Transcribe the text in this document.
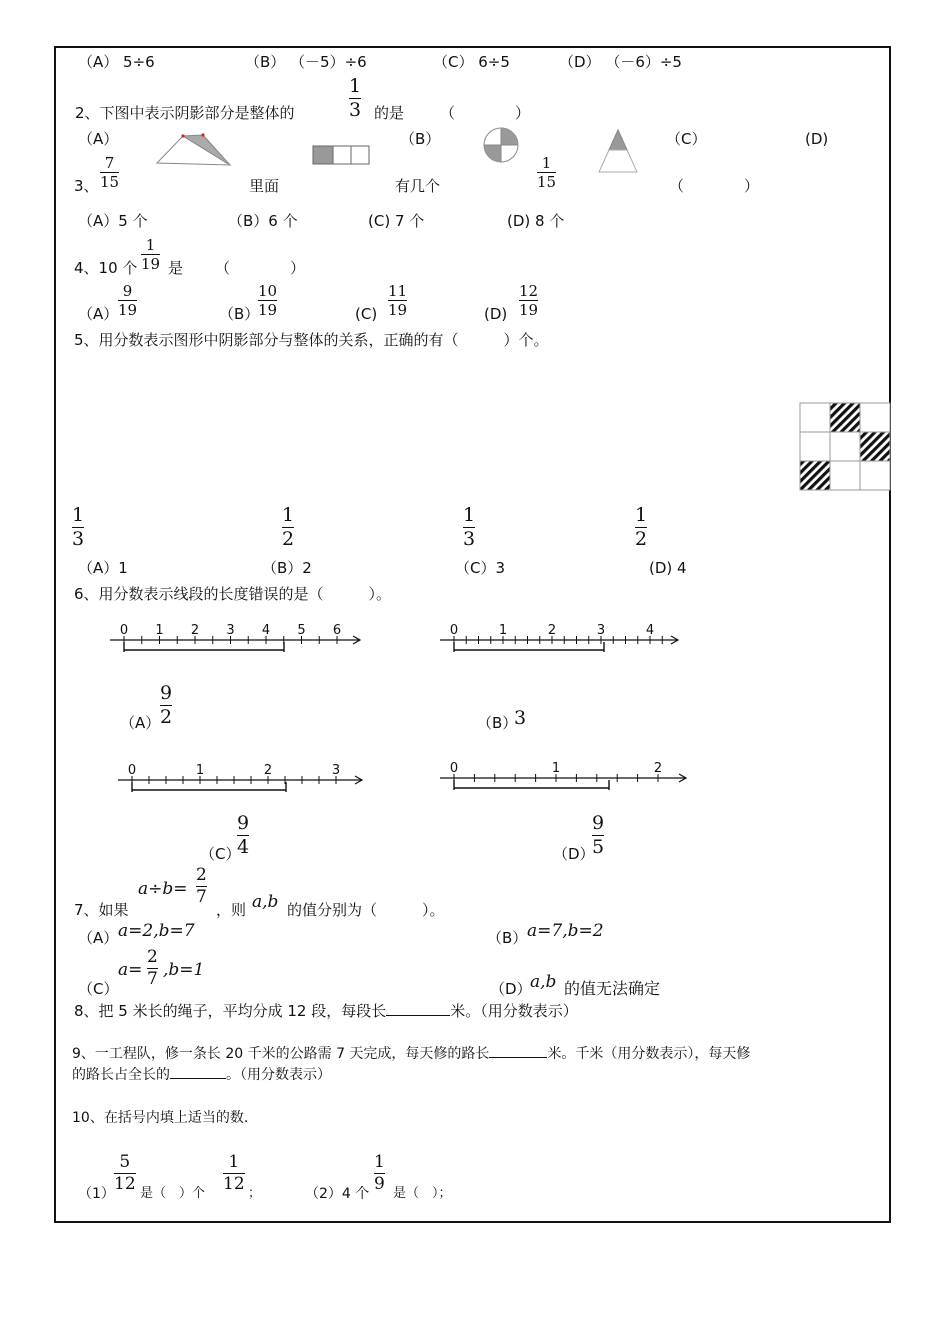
（A） 5÷6	（B） （－5）÷6	（C） 6÷5	（D） （－6）÷5
2、下图中表示阴影部分是整体的
1
3 的是 （　　　　）
（A）	（B）	（C）	(D)
3、
7
15	里面	有几个
1
15	（　　　　）
（A）5 个	（B）6 个	(C) 7 个	(D) 8 个
4、10 个
1
19 是 （　　　　）
（A）
9
19	（B）
10
19	(C)
11
19	(D)
12
19
5、用分数表示图形中阴影部分与整体的关系，正确的有（　　　）个。
1
3
1
2
1
3
1
2
（A）1	（B）2	（C）3	(D) 4
6、用分数表示线段的长度错误的是（　　　）。
0 1 2 3 4 5 6	0	1	2	3	4
0	1	2	3	0	1	2
（A）
9
2	（B）
3
（C）
9
4	（D）
9
5
a÷b=
2
7
7、如果	，则 a,b 的值分别为（　　　）。
（A） a=2,b=7	（B） a=7,b=2
（C）
a=
2
7 ,b=1
（D）
a,b 的值无法确定
8、把 5 米长的绳子，平均分成 12 段，每段长	米。（用分数表示）
9、一工程队，修一条长 20 千米的公路需 7 天完成，每天修的路长	米。千米（用分数表示），每天修
的路长占全长的	。（用分数表示）
10、在括号内填上适当的数.
（1）
5
12 是（　）个
1
12 ；	（2）4 个
1
9 是（　）；
